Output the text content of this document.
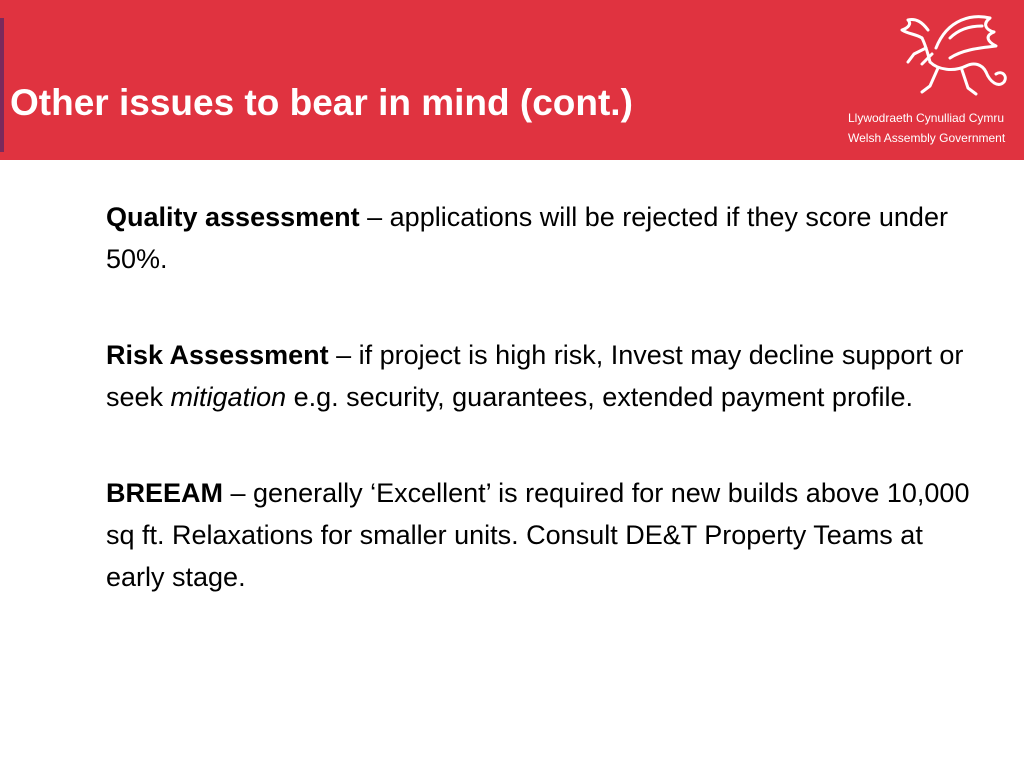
Other issues to bear in mind (cont.)	Llywodraeth Cynulliad Cymru
Welsh Assembly Government

Quality assessment – applications will be rejected if they score under 50%.

Risk Assessment – if project is high risk, Invest may decline support or seek mitigation e.g. security, guarantees, extended payment profile.

BREEAM – generally ‘Excellent’ is required for new builds above 10,000 sq ft. Relaxations for smaller units. Consult DE&T Property Teams at early stage.
